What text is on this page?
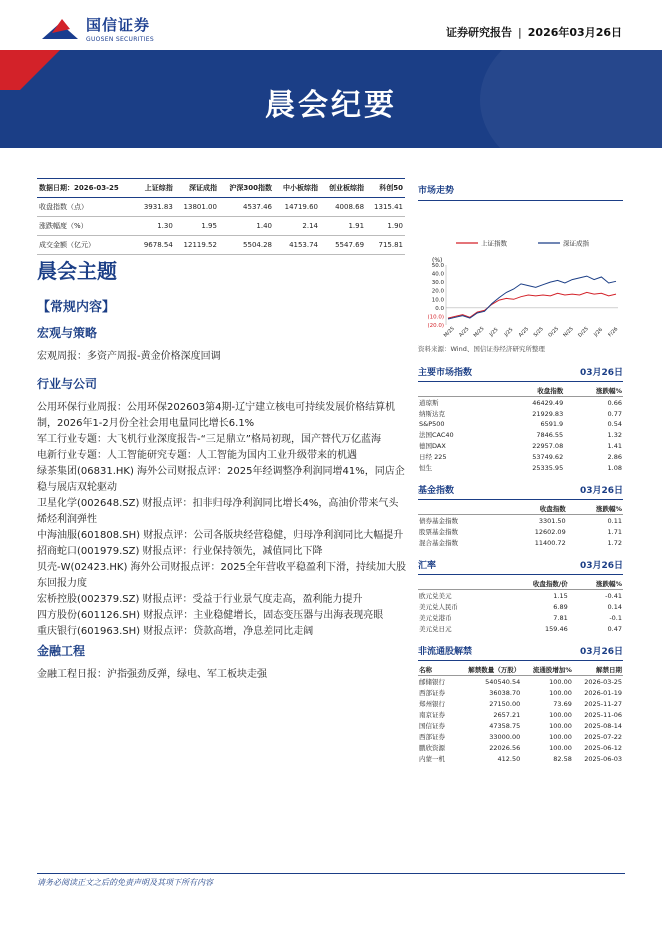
国信证券
GUOSEN SECURITIES
证券研究报告 | 2026年03月26日
晨会纪要
数据日期：2026-03-25	上证综指	深证成指	沪深300指数	中小板综指	创业板综指	科创50
收盘指数（点）	3931.83	13801.00	4537.46	14719.60	4008.68	1315.41
涨跌幅度（%）	1.30	1.95	1.40	2.14	1.91	1.90
成交金额（亿元）	9678.54	12119.52	5504.28	4153.74	5547.69	715.81
晨会主题
【常规内容】
宏观与策略
宏观周报：多资产周报-黄金价格深度回调
行业与公司
公用环保行业周报：公用环保202603第4期-辽宁建立核电可持续发展价格结算机制，2026年1-2月份全社会用电量同比增长6.1%
军工行业专题：大飞机行业深度报告-“三足鼎立”格局初现，国产替代万亿蓝海
电新行业专题：人工智能研究专题：人工智能为国内工业升级带来的机遇
绿茶集团(06831.HK) 海外公司财报点评：2025年经调整净利润同增41%，同店企稳与展店双轮驱动
卫星化学(002648.SZ) 财报点评：扣非归母净利润同比增长4%，高油价带来气头烯烃利润弹性
中海油服(601808.SH) 财报点评：公司各版块经营稳健，归母净利润同比大幅提升
招商蛇口(001979.SZ) 财报点评：行业保持领先，减值同比下降
贝壳-W(02423.HK) 海外公司财报点评：2025全年营收平稳盈利下滑，持续加大股东回报力度
宏桥控股(002379.SZ) 财报点评：受益于行业景气度走高，盈利能力提升
四方股份(601126.SH) 财报点评：主业稳健增长，固态变压器与出海表现亮眼
重庆银行(601963.SH) 财报点评：贷款高增，净息差同比走阔
金融工程
金融工程日报：沪指强劲反弹，绿电、军工板块走强
市场走势
上证指数	深证成指
(%)
50.0
40.0
30.0
20.0
10.0
0.0
(10.0)
(20.0)
M/25 A/25 M/25 J/25 J/25 A/25 S/25 O/25 N/25 D/25 J/26 F/26
资料来源：Wind、国信证券经济研究所整理
主要市场指数	03月26日
	收盘指数	涨跌幅%
道琼斯	46429.49	0.66
纳斯达克	21929.83	0.77
S&P500	6591.9	0.54
法国CAC40	7846.55	1.32
德国DAX	22957.08	1.41
日经 225	53749.62	2.86
恒生	25335.95	1.08
基金指数	03月26日
	收盘指数	涨跌幅%
债券基金指数	3301.50	0.11
股票基金指数	12602.09	1.71
混合基金指数	11400.72	1.72
汇率	03月26日
	收盘指数/价	涨跌幅%
欧元兑美元	1.15	-0.41
美元兑人民币	6.89	0.14
美元兑港币	7.81	-0.1
美元兑日元	159.46	0.47
非流通股解禁	03月26日
名称	解禁数量（万股）	流通股增加%	解禁日期
邮储银行	540540.54	100.00	2026-03-25
西部证券	36038.70	100.00	2026-01-19
郑州银行	27150.00	73.69	2025-11-27
南京证券	2657.21	100.00	2025-11-06
国信证券	47358.75	100.00	2025-08-14
西部证券	33000.00	100.00	2025-07-22
鹏欣资源	22026.56	100.00	2025-06-12
内蒙一机	412.50	82.58	2025-06-03
请务必阅读正文之后的免责声明及其项下所有内容
